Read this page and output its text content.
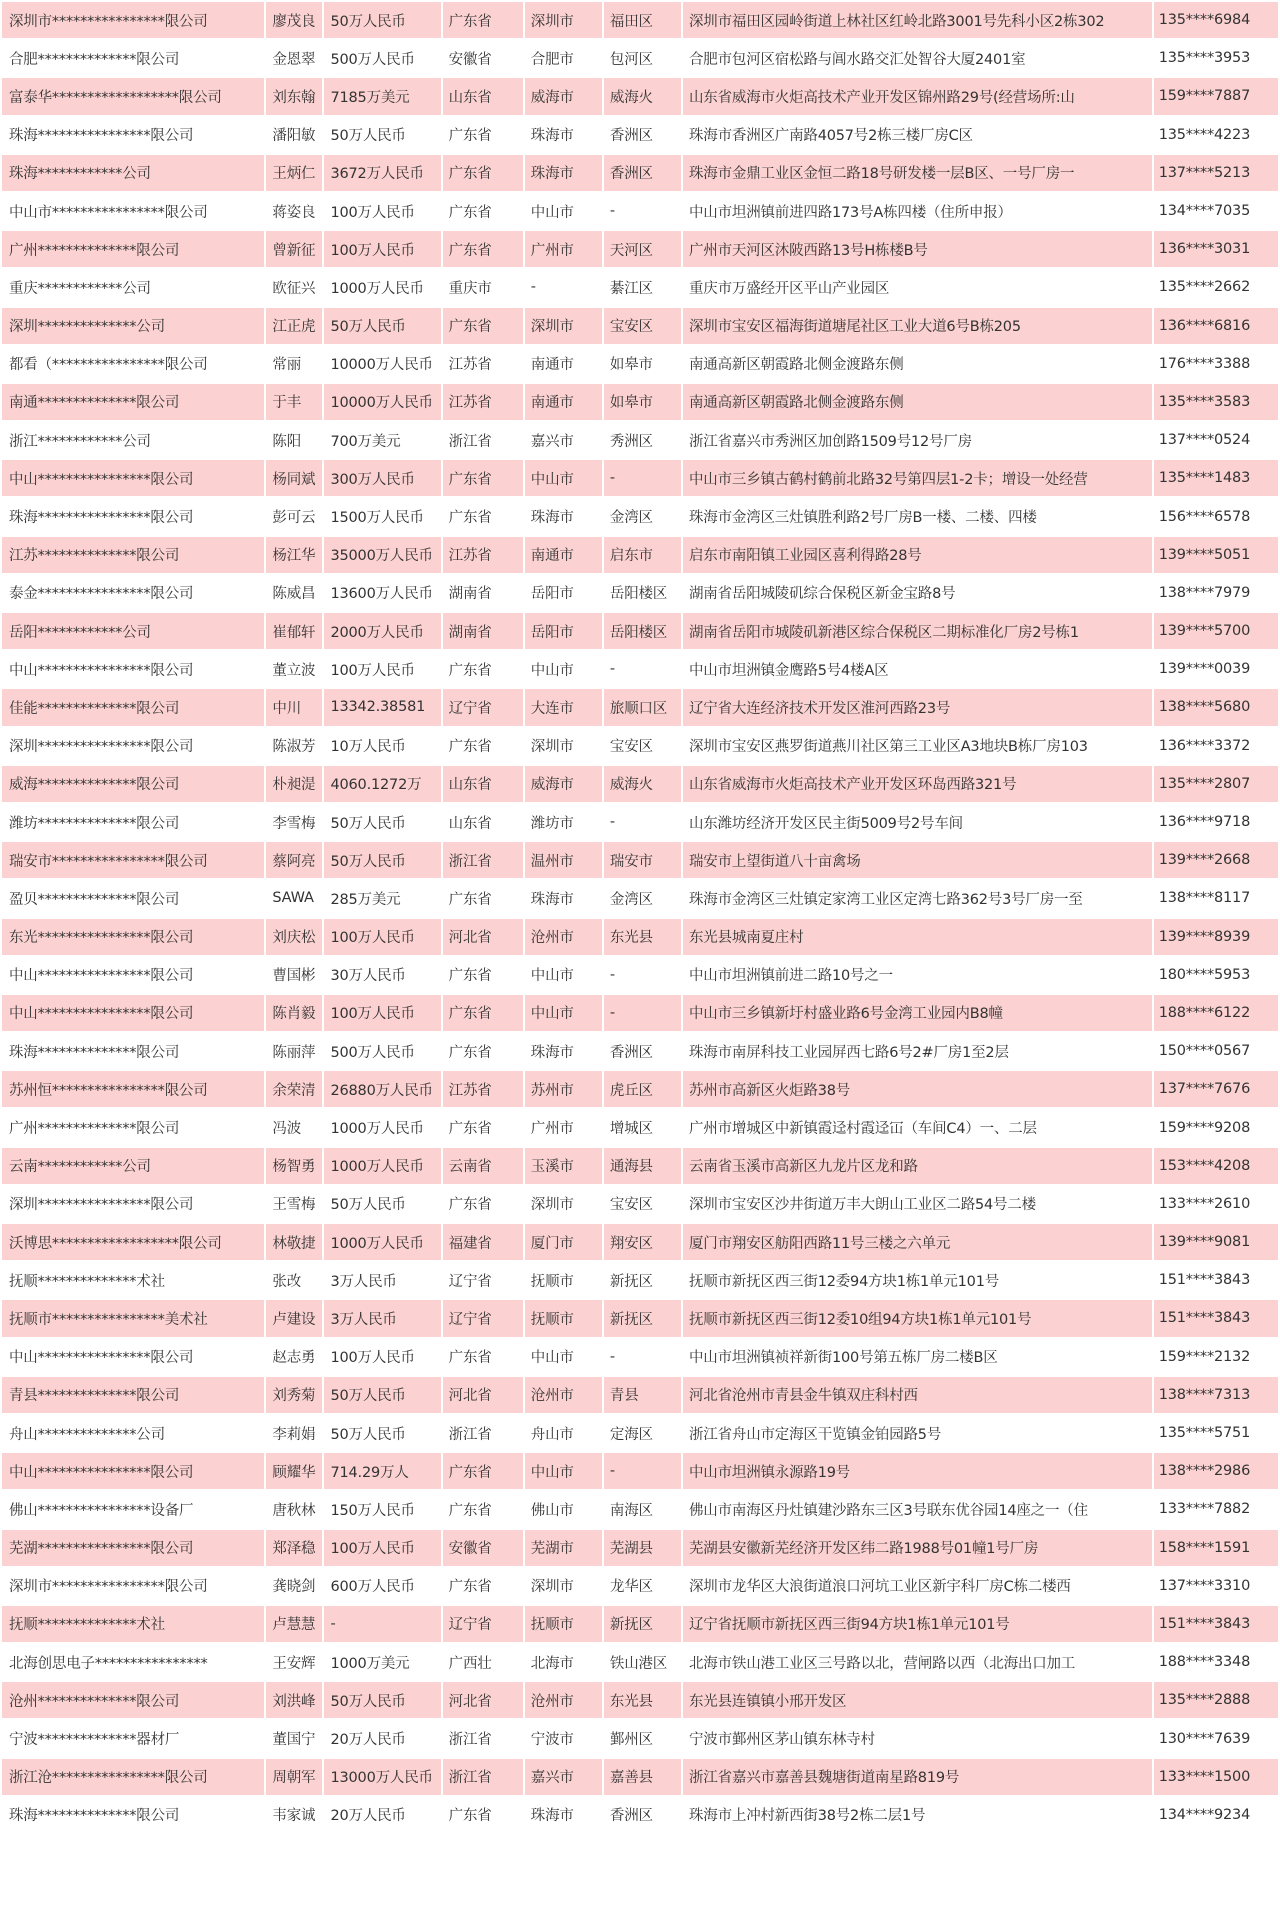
深圳市****************限公司	廖茂良	50万人民币	广东省	深圳市	福田区	深圳市福田区园岭街道上林社区红岭北路3001号先科小区2栋302	135****6984
合肥**************限公司	金恩翠	500万人民币	安徽省	合肥市	包河区	合肥市包河区宿松路与阊水路交汇处智谷大厦2401室	135****3953
富泰华******************限公司	刘东翰	7185万美元	山东省	威海市	威海火	山东省威海市火炬高技术产业开发区锦州路29号(经营场所:山	159****7887
珠海****************限公司	潘阳敏	50万人民币	广东省	珠海市	香洲区	珠海市香洲区广南路4057号2栋三楼厂房C区	135****4223
珠海************公司	王炳仁	3672万人民币	广东省	珠海市	香洲区	珠海市金鼎工业区金恒二路18号研发楼一层B区、一号厂房一	137****5213
中山市****************限公司	蒋姿良	100万人民币	广东省	中山市	-	中山市坦洲镇前进四路173号A栋四楼（住所申报）	134****7035
广州**************限公司	曾新征	100万人民币	广东省	广州市	天河区	广州市天河区沐陂西路13号H栋楼B号	136****3031
重庆************公司	欧征兴	1000万人民币	重庆市	-	綦江区	重庆市万盛经开区平山产业园区	135****2662
深圳**************公司	江正虎	50万人民币	广东省	深圳市	宝安区	深圳市宝安区福海街道塘尾社区工业大道6号B栋205	136****6816
都看（****************限公司	常丽	10000万人民币	江苏省	南通市	如皋市	南通高新区朝霞路北侧金渡路东侧	176****3388
南通**************限公司	于丰	10000万人民币	江苏省	南通市	如皋市	南通高新区朝霞路北侧金渡路东侧	135****3583
浙江************公司	陈阳	700万美元	浙江省	嘉兴市	秀洲区	浙江省嘉兴市秀洲区加创路1509号12号厂房	137****0524
中山****************限公司	杨同斌	300万人民币	广东省	中山市	-	中山市三乡镇古鹤村鹤前北路32号第四层1-2卡；增设一处经营	135****1483
珠海****************限公司	彭可云	1500万人民币	广东省	珠海市	金湾区	珠海市金湾区三灶镇胜利路2号厂房B一楼、二楼、四楼	156****6578
江苏**************限公司	杨江华	35000万人民币	江苏省	南通市	启东市	启东市南阳镇工业园区喜利得路28号	139****5051
泰金****************限公司	陈威昌	13600万人民币	湖南省	岳阳市	岳阳楼区	湖南省岳阳城陵矶综合保税区新金宝路8号	138****7979
岳阳************公司	崔郁轩	2000万人民币	湖南省	岳阳市	岳阳楼区	湖南省岳阳市城陵矶新港区综合保税区二期标准化厂房2号栋1	139****5700
中山****************限公司	董立波	100万人民币	广东省	中山市	-	中山市坦洲镇金鹰路5号4楼A区	139****0039
佳能**************限公司	中川	13342.38581	辽宁省	大连市	旅顺口区	辽宁省大连经济技术开发区淮河西路23号	138****5680
深圳****************限公司	陈淑芳	10万人民币	广东省	深圳市	宝安区	深圳市宝安区燕罗街道燕川社区第三工业区A3地块B栋厂房103	136****3372
威海**************限公司	朴昶湜	4060.1272万	山东省	威海市	威海火	山东省威海市火炬高技术产业开发区环岛西路321号	135****2807
潍坊**************限公司	李雪梅	50万人民币	山东省	潍坊市	-	山东潍坊经济开发区民主街5009号2号车间	136****9718
瑞安市****************限公司	蔡阿亮	50万人民币	浙江省	温州市	瑞安市	瑞安市上望街道八十亩禽场	139****2668
盈贝**************限公司	SAWA	285万美元	广东省	珠海市	金湾区	珠海市金湾区三灶镇定家湾工业区定湾七路362号3号厂房一至	138****8117
东光****************限公司	刘庆松	100万人民币	河北省	沧州市	东光县	东光县城南夏庄村	139****8939
中山****************限公司	曹国彬	30万人民币	广东省	中山市	-	中山市坦洲镇前进二路10号之一	180****5953
中山****************限公司	陈肖毅	100万人民币	广东省	中山市	-	中山市三乡镇新圩村盛业路6号金湾工业园内B8幢	188****6122
珠海**************限公司	陈丽萍	500万人民币	广东省	珠海市	香洲区	珠海市南屏科技工业园屏西七路6号2#厂房1至2层	150****0567
苏州恒****************限公司	余荣清	26880万人民币	江苏省	苏州市	虎丘区	苏州市高新区火炬路38号	137****7676
广州**************限公司	冯波	1000万人民币	广东省	广州市	增城区	广州市增城区中新镇霞迳村霞迳冚（车间C4）一、二层	159****9208
云南************公司	杨智勇	1000万人民币	云南省	玉溪市	通海县	云南省玉溪市高新区九龙片区龙和路	153****4208
深圳****************限公司	王雪梅	50万人民币	广东省	深圳市	宝安区	深圳市宝安区沙井街道万丰大朗山工业区二路54号二楼	133****2610
沃博思******************限公司	林敬捷	1000万人民币	福建省	厦门市	翔安区	厦门市翔安区舫阳西路11号三楼之六单元	139****9081
抚顺**************术社	张改	3万人民币	辽宁省	抚顺市	新抚区	抚顺市新抚区西三街12委94方块1栋1单元101号	151****3843
抚顺市****************美术社	卢建设	3万人民币	辽宁省	抚顺市	新抚区	抚顺市新抚区西三街12委10组94方块1栋1单元101号	151****3843
中山****************限公司	赵志勇	100万人民币	广东省	中山市	-	中山市坦洲镇祯祥新街100号第五栋厂房二楼B区	159****2132
青县**************限公司	刘秀菊	50万人民币	河北省	沧州市	青县	河北省沧州市青县金牛镇双庄科村西	138****7313
舟山**************公司	李莉娟	50万人民币	浙江省	舟山市	定海区	浙江省舟山市定海区干览镇金铂园路5号	135****5751
中山****************限公司	顾耀华	714.29万人	广东省	中山市	-	中山市坦洲镇永源路19号	138****2986
佛山****************设备厂	唐秋林	150万人民币	广东省	佛山市	南海区	佛山市南海区丹灶镇建沙路东三区3号联东优谷园14座之一（住	133****7882
芜湖****************限公司	郑泽稳	100万人民币	安徽省	芜湖市	芜湖县	芜湖县安徽新芜经济开发区纬二路1988号01幢1号厂房	158****1591
深圳市****************限公司	龚晓剑	600万人民币	广东省	深圳市	龙华区	深圳市龙华区大浪街道浪口河坑工业区新宇科厂房C栋二楼西	137****3310
抚顺**************术社	卢慧慧	-	辽宁省	抚顺市	新抚区	辽宁省抚顺市新抚区西三街94方块1栋1单元101号	151****3843
北海创思电子****************	王安辉	1000万美元	广西壮	北海市	铁山港区	北海市铁山港工业区三号路以北，营闸路以西（北海出口加工	188****3348
沧州**************限公司	刘洪峰	50万人民币	河北省	沧州市	东光县	东光县连镇镇小邢开发区	135****2888
宁波**************器材厂	董国宁	20万人民币	浙江省	宁波市	鄞州区	宁波市鄞州区茅山镇东林寺村	130****7639
浙江沧****************限公司	周朝军	13000万人民币	浙江省	嘉兴市	嘉善县	浙江省嘉兴市嘉善县魏塘街道南星路819号	133****1500
珠海**************限公司	韦家诚	20万人民币	广东省	珠海市	香洲区	珠海市上冲村新西街38号2栋二层1号	134****9234
